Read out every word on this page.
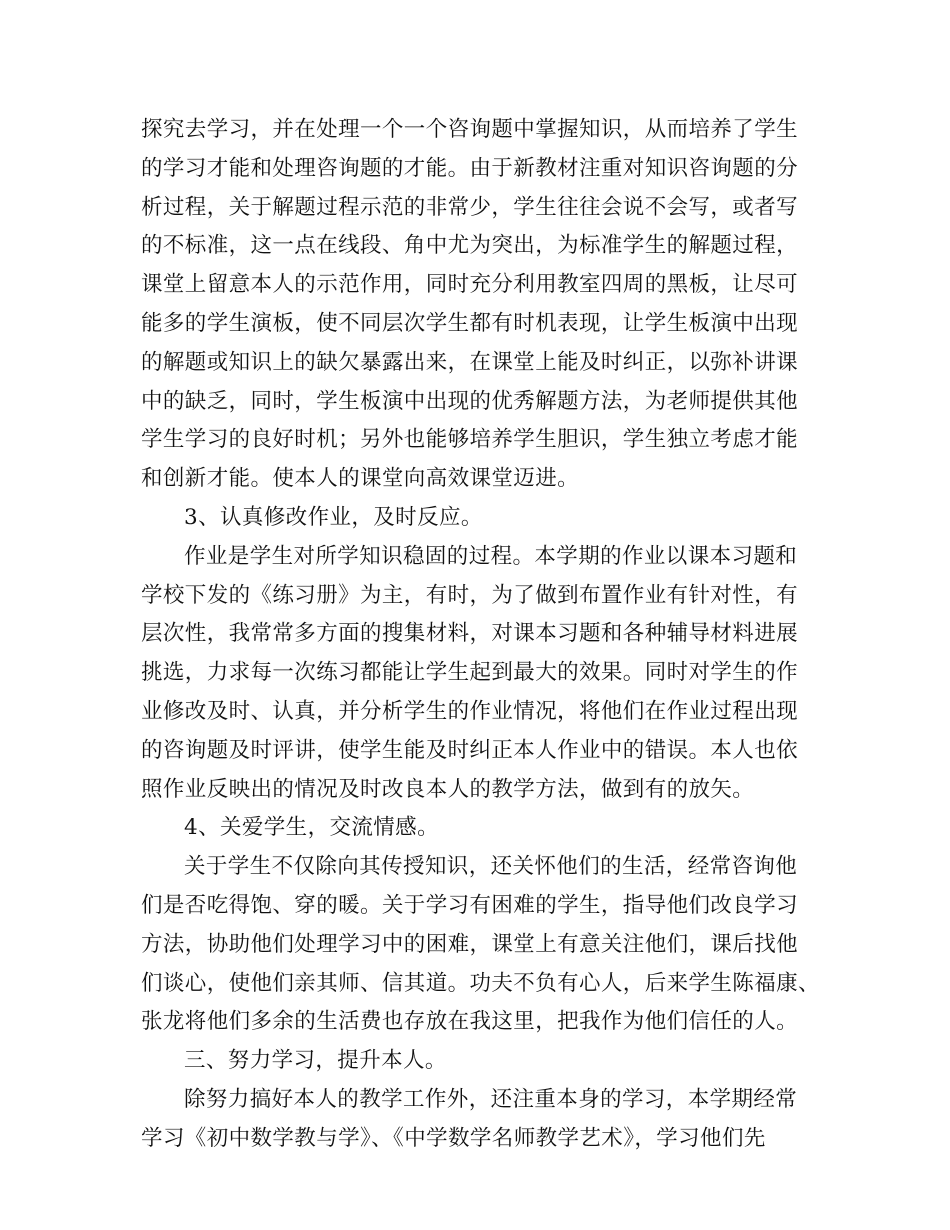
探究去学习，并在处理一个一个咨询题中掌握知识，从而培养了学生
的学习才能和处理咨询题的才能。由于新教材注重对知识咨询题的分
析过程，关于解题过程示范的非常少，学生往往会说不会写，或者写
的不标准，这一点在线段、角中尤为突出，为标准学生的解题过程，
课堂上留意本人的示范作用，同时充分利用教室四周的黑板，让尽可
能多的学生演板，使不同层次学生都有时机表现，让学生板演中出现
的解题或知识上的缺欠暴露出来，在课堂上能及时纠正，以弥补讲课
中的缺乏，同时，学生板演中出现的优秀解题方法，为老师提供其他
学生学习的良好时机；另外也能够培养学生胆识，学生独立考虑才能
和创新才能。使本人的课堂向高效课堂迈进。
3、认真修改作业，及时反应。
作业是学生对所学知识稳固的过程。本学期的作业以课本习题和
学校下发的《练习册》为主，有时，为了做到布置作业有针对性，有
层次性，我常常多方面的搜集材料，对课本习题和各种辅导材料进展
挑选，力求每一次练习都能让学生起到最大的效果。同时对学生的作
业修改及时、认真，并分析学生的作业情况，将他们在作业过程出现
的咨询题及时评讲，使学生能及时纠正本人作业中的错误。本人也依
照作业反映出的情况及时改良本人的教学方法，做到有的放矢。
4、关爱学生，交流情感。
关于学生不仅除向其传授知识，还关怀他们的生活，经常咨询他
们是否吃得饱、穿的暖。关于学习有困难的学生，指导他们改良学习
方法，协助他们处理学习中的困难，课堂上有意关注他们，课后找他
们谈心，使他们亲其师、信其道。功夫不负有心人，后来学生陈福康、
张龙将他们多余的生活费也存放在我这里，把我作为他们信任的人。
三、努力学习，提升本人。
除努力搞好本人的教学工作外，还注重本身的学习，本学期经常
学习《初中数学教与学》、《中学数学名师教学艺术》，学习他们先
